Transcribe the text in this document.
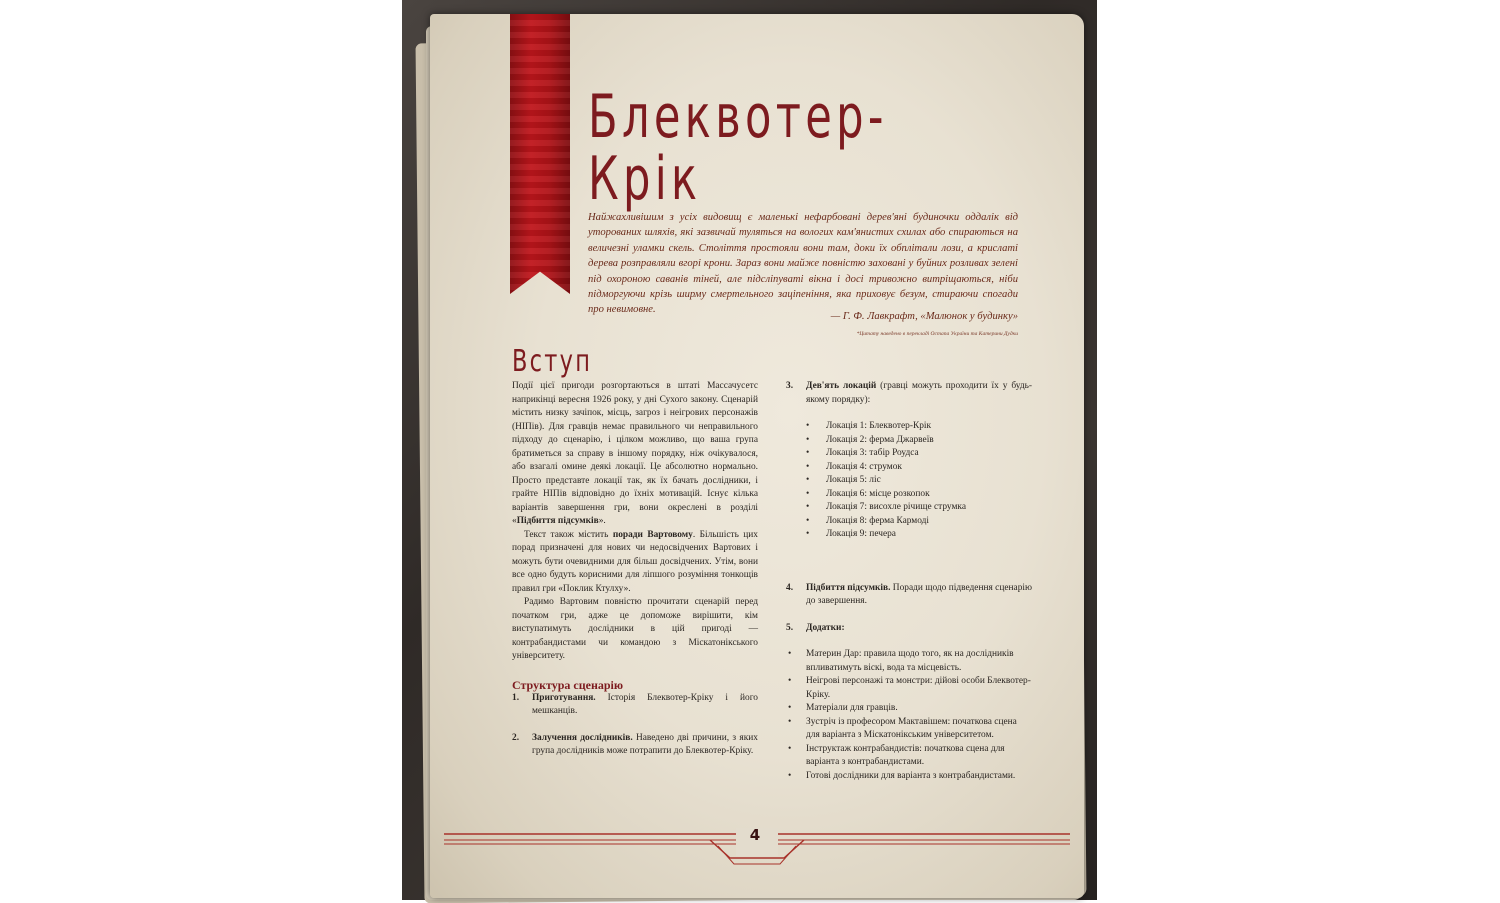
Блеквотер-
Крік

Найжахливішим з усіх видовищ є маленькі нефарбовані дерев'яні будиночки оддалік від уторованих шляхів, які зазвичай туляться на вологих кам'янистих схилах або спираються на величезні уламки скель. Століття простояли вони там, доки їх обплітали лози, а крислаті дерева розправляли вгорі крони. Зараз вони майже повністю заховані у буйних розливах зелені під охороною саванів тіней, але підсліпуваті вікна і досі тривожно витріщаються, ніби підморгуючи крізь ширму смертельного заціпеніння, яка приховує безум, стираючи спогади про невимовне.

— Г. Ф. Лавкрафт, «Малюнок у будинку»
*Цитату наведено в перекладі Остапа України та Катерини Дудки
Вступ

Події цієї пригоди розгортаються в штаті Массачусетс наприкінці вересня 1926 року, у дні Сухого закону. Сценарій містить низку зачіпок, місць, загроз і неігрових персонажів (НІПів). Для гравців немає правильного чи неправильного підходу до сценарію, і цілком можливо, що ваша група братиметься за справу в іншому порядку, ніж очікувалося, або взагалі омине деякі локації. Це абсолютно нормально. Просто представте локації так, як їх бачать дослідники, і грайте НІПів відповідно до їхніх мотивацій. Існує кілька варіантів завершення гри, вони окреслені в розділі «Підбиття підсумків».

Текст також містить поради Вартовому. Більшість цих порад призначені для нових чи недосвідчених Вартових і можуть бути очевидними для більш досвідчених. Утім, вони все одно будуть корисними для ліпшого розуміння тонкощів правил гри «Поклик Ктулху».

Радимо Вартовим повністю прочитати сценарій перед початком гри, адже це допоможе вирішити, кім виступатимуть дослідники в цій пригоді — контрабандистами чи командою з Міскатонікського університету.

Структура сценарію
1.	Приготування. Історія Блеквотер-Кріку і його мешканців.
2.	Залучення дослідників. Наведено дві причини, з яких група дослідників може потрапити до Блеквотер-Кріку.
3.	Дев'ять локацій (гравці можуть проходити їх у будь-якому порядку):
• Локація 1: Блеквотер-Крік
• Локація 2: ферма Джарвеїв
• Локація 3: табір Роудса
• Локація 4: струмок
• Локація 5: ліс
• Локація 6: місце розкопок
• Локація 7: висохле річище струмка
• Локація 8: ферма Кармоді
• Локація 9: печера
4.	Підбиття підсумків. Поради щодо підведення сценарію до завершення.
5.	Додатки:
• Материн Дар: правила щодо того, як на дослідників впливатимуть віскі, вода та місцевість.
• Неігрові персонажі та монстри: дійові особи Блеквотер-Кріку.
• Матеріали для гравців.
• Зустріч із професором Мактавішем: початкова сцена для варіанта з Міскатонікським університетом.
• Інструктаж контрабандистів: початкова сцена для варіанта з контрабандистами.
• Готові дослідники для варіанта з контрабандистами.
4
